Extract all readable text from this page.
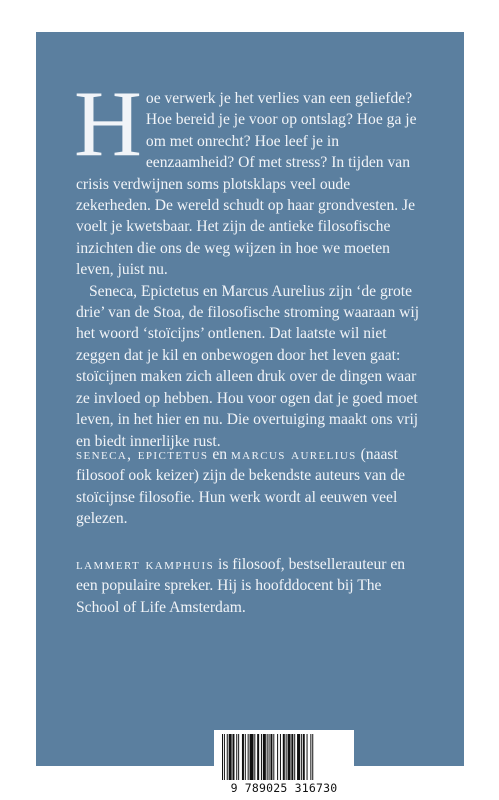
Hoe verwerk je het verlies van een geliefde? Hoe bereid je je voor op ontslag? Hoe ga je om met onrecht? Hoe leef je in eenzaamheid? Of met stress? In tijden van crisis verdwijnen soms plotsklaps veel oude zekerheden. De wereld schudt op haar grondvesten. Je voelt je kwetsbaar. Het zijn de antieke filosofische inzichten die ons de weg wijzen in hoe we moeten leven, juist nu.

Seneca, Epictetus en Marcus Aurelius zijn ‘de grote drie’ van de Stoa, de filosofische stroming waaraan wij het woord ‘stoïcijns’ ontlenen. Dat laatste wil niet zeggen dat je kil en onbewogen door het leven gaat: stoïcijnen maken zich alleen druk over de dingen waar ze invloed op hebben. Hou voor ogen dat je goed moet leven, in het hier en nu. Die overtuiging maakt ons vrij en biedt innerlijke rust.

seneca, epictetus en marcus aurelius (naast filosoof ook keizer) zijn de bekendste auteurs van de stoïcijnse filosofie. Hun werk wordt al eeuwen veel gelezen.

lammert kamphuis is filosoof, bestsellerauteur en een populaire spreker. Hij is hoofddocent bij The School of Life Amsterdam.

9 789025 316730
